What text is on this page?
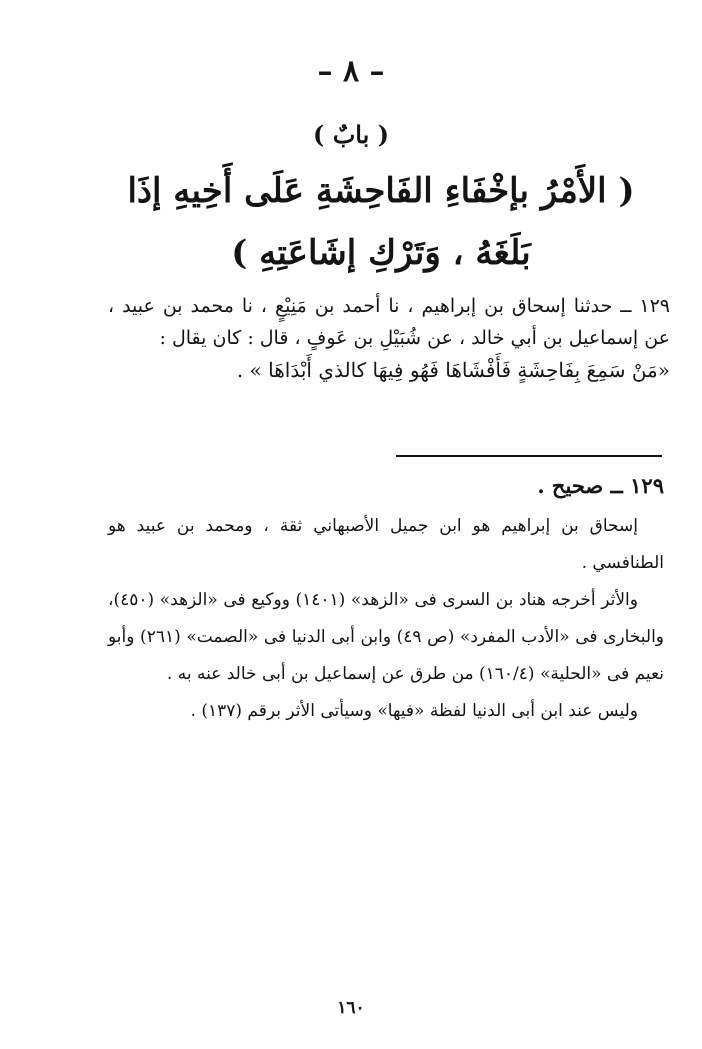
– ٨ –
( بابٌ )
( الأَمْرُ بإخْفَاءِ الفَاحِشَةِ عَلَى أَخِيهِ إذَا بَلَغَهُ ، وَتَرْكِ إشَاعَتِهِ )
١٢٩ ــ حدثنا إسحاق بن إبراهيم ، نا أحمد بن مَنِيْعٍ ، نا محمد بن عبيد ، عن إسماعيل بن أبي خالد ، عن شُبَيْلِ بن عَوفٍ ، قال : كان يقال :
«مَنْ سَمِعَ بِفَاحِشَةٍ فَأَفْشَاهَا فَهُو فِيهَا كالذي أَبْدَاهَا » .
١٢٩ ــ صحيح .

إسحاق بن إبراهيم هو ابن جميل الأصبهاني ثقة ، ومحمد بن عبيد هو الطنافسي .

والأثر أخرجه هناد بن السرى فى «الزهد» (١٤٠١) ووكيع فى «الزهد» (٤٥٠)، والبخارى فى «الأدب المفرد» (ص ٤٩) وابن أبى الدنيا فى «الصمت» (٢٦١) وأبو نعيم فى «الحلية» (١٦٠/٤) من طرق عن إسماعيل بن أبى خالد عنه به .

وليس عند ابن أبى الدنيا لفظة «فيها» وسيأتى الأثر برقم (١٣٧) .

١٦٠
